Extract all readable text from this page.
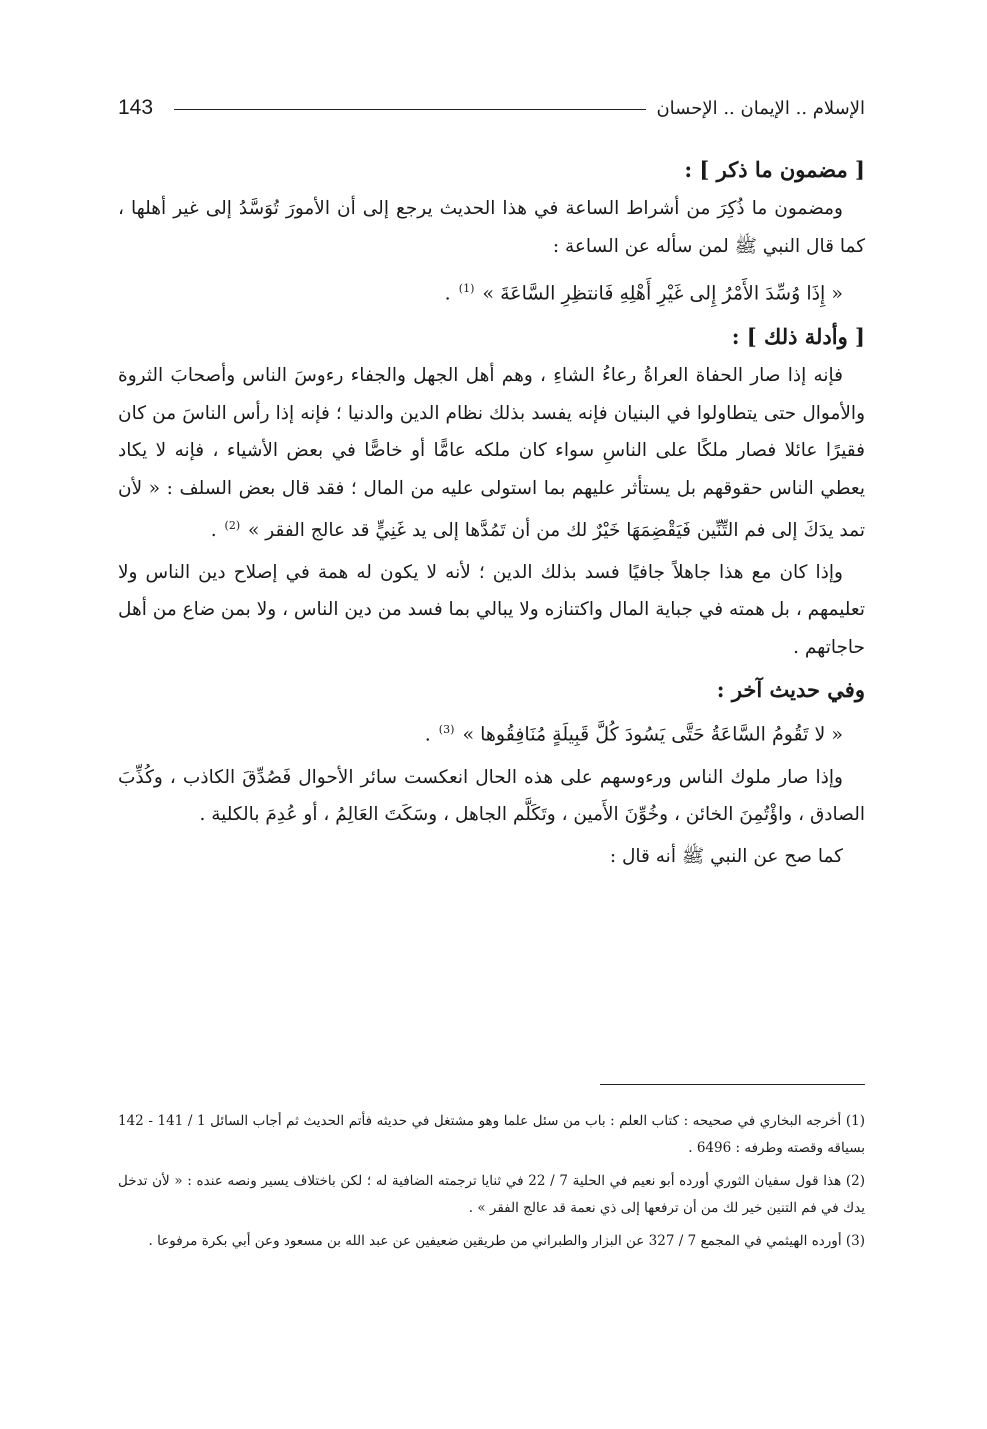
143	الإسلام .. الإيمان .. الإحسان

[ مضمون ما ذكر ] :

ومضمون ما ذُكِرَ من أشراط الساعة في هذا الحديث يرجع إلى أن الأمورَ تُوَسَّدُ إلى غير أهلها ، كما قال النبي ﷺ لمن سأله عن الساعة :

« إِذَا وُسِّدَ الأَمْرُ إِلى غَيْرِ أَهْلِهِ فَانتظِرِ السَّاعَةَ » $^{(1)}$ .

[ وأدلة ذلك ] :

فإنه إذا صار الحفاة العراةُ رعاءُ الشاءِ ، وهم أهل الجهل والجفاء رءوسَ الناس وأصحابَ الثروة والأموال حتى يتطاولوا في البنيان فإنه يفسد بذلك نظام الدين والدنيا ؛ فإنه إذا رأس الناسَ من كان فقيرًا عائلا فصار ملكًا على الناسِ سواء كان ملكه عامًّا أو خاصًّا في بعض الأشياء ، فإنه لا يكاد يعطي الناس حقوقهم بل يستأثر عليهم بما استولى عليه من المال ؛ فقد قال بعض السلف : « لأن تمد يدَكَ إلى فم التِّنِّين فَيَقْضِمَهَا خَيْرٌ لك من أن تَمُدَّها إلى يد غَنِيٍّ قد عالج الفقر » $^{(2)}$ .

وإذا كان مع هذا جاهلاً جافيًا فسد بذلك الدين ؛ لأنه لا يكون له همة في إصلاح دين الناس ولا تعليمهم ، بل همته في جباية المال واكتنازه ولا يبالي بما فسد من دين الناس ، ولا بمن ضاع من أهل حاجاتهم .

وفي حديث آخر :

« لا تَقُومُ السَّاعَةُ حَتَّى يَسُودَ كُلَّ قَبِيلَةٍ مُنَافِقُوها » $^{(3)}$ .

وإذا صار ملوك الناس ورءوسهم على هذه الحال انعكست سائر الأحوال فَصُدِّقَ الكاذب ، وكُذِّبَ الصادق ، واؤْتُمِنَ الخائن ، وخُوِّنَ الأَمين ، وتَكَلَّم الجاهل ، وسَكَتَ العَالِمُ ، أو عُدِمَ بالكلية .

كما صح عن النبي ﷺ أنه قال :

(1) أخرجه البخاري في صحيحه : كتاب العلم : باب من سئل علما وهو مشتغل في حديثه فأتم الحديث ثم أجاب السائل 1 / 141 - 142 بسياقه وقصته وطرفه : 6496 .

(2) هذا قول سفيان الثوري أورده أبو نعيم في الحلية 7 / 22 في ثنايا ترجمته الضافية له ؛ لكن باختلاف يسير ونصه عنده : « لأن تدخل يدك في فم التنين خير لك من أن ترفعها إلى ذي نعمة قد عالج الفقر » .

(3) أورده الهيثمي في المجمع 7 / 327 عن البزار والطبراني من طريقين ضعيفين عن عبد الله بن مسعود وعن أبي بكرة مرفوعا .
